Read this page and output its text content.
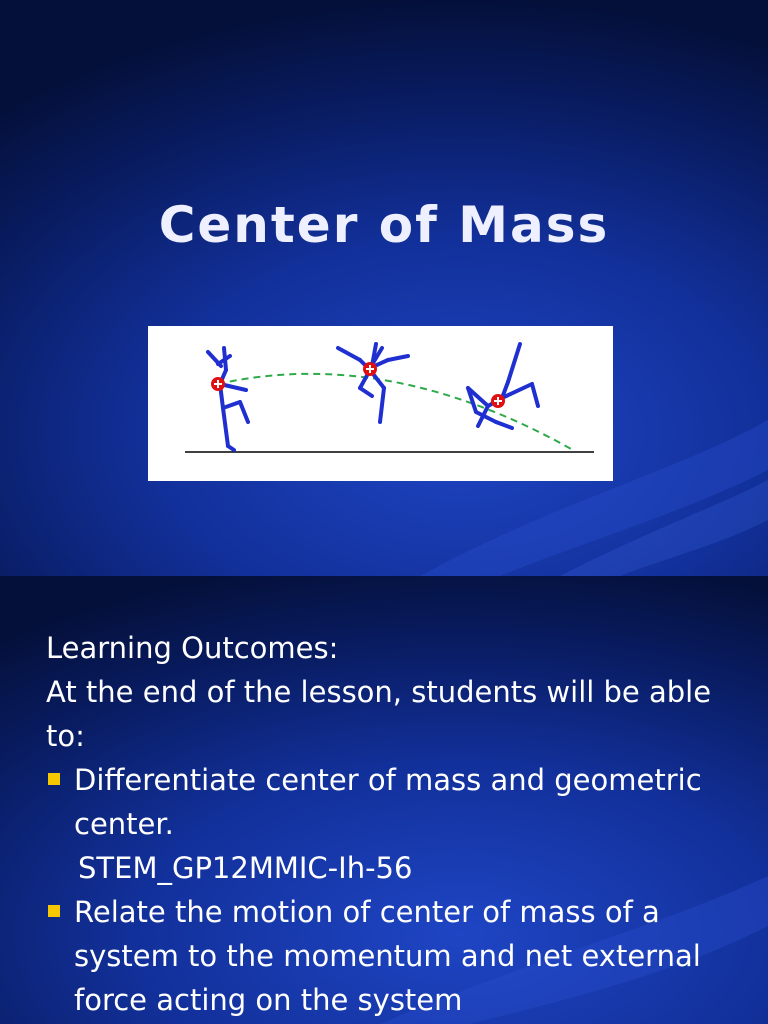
Center of Mass

Learning Outcomes:

At the end of the lesson, students will be able to:

Differentiate center of mass and geometric center.

STEM_GP12MMIC-Ih-56

Relate the motion of center of mass of a system to the momentum and net external force acting on the system
